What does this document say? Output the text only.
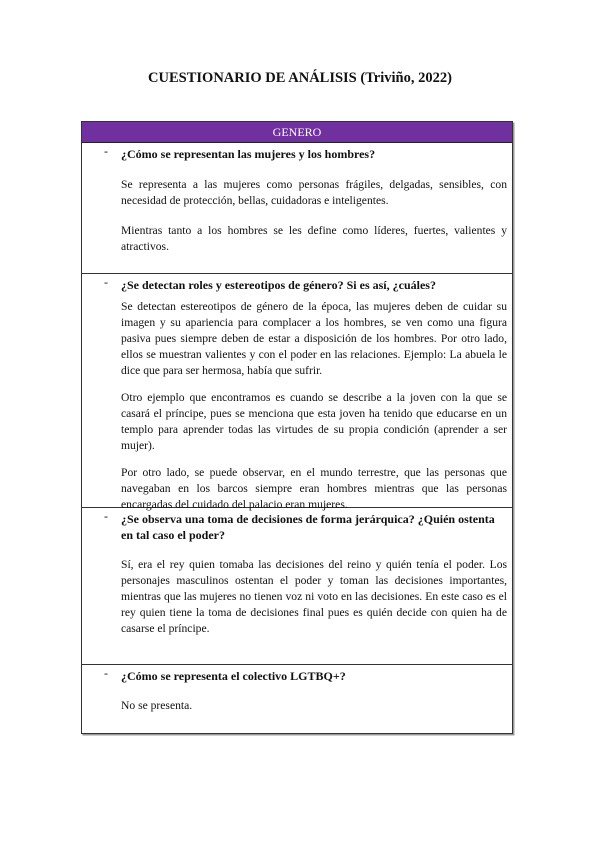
CUESTIONARIO DE ANÁLISIS (Triviño, 2022)
GENERO
- ¿Cómo se representan las mujeres y los hombres?

Se representa a las mujeres como personas frágiles, delgadas, sensibles, con necesidad de protección, bellas, cuidadoras e inteligentes.

Mientras tanto a los hombres se les define como líderes, fuertes, valientes y atractivos.

- ¿Se detectan roles y estereotipos de género? Si es así, ¿cuáles?

Se detectan estereotipos de género de la época, las mujeres deben de cuidar su imagen y su apariencia para complacer a los hombres, se ven como una figura pasiva pues siempre deben de estar a disposición de los hombres. Por otro lado, ellos se muestran valientes y con el poder en las relaciones. Ejemplo: La abuela le dice que para ser hermosa, había que sufrir.

Otro ejemplo que encontramos es cuando se describe a la joven con la que se casará el príncipe, pues se menciona que esta joven ha tenido que educarse en un templo para aprender todas las virtudes de su propia condición (aprender a ser mujer).

Por otro lado, se puede observar, en el mundo terrestre, que las personas que navegaban en los barcos siempre eran hombres mientras que las personas encargadas del cuidado del palacio eran mujeres.

- ¿Se observa una toma de decisiones de forma jerárquica? ¿Quién ostenta en tal caso el poder?

Sí, era el rey quien tomaba las decisiones del reino y quién tenía el poder. Los personajes masculinos ostentan el poder y toman las decisiones importantes, mientras que las mujeres no tienen voz ni voto en las decisiones. En este caso es el rey quien tiene la toma de decisiones final pues es quién decide con quien ha de casarse el príncipe.

- ¿Cómo se representa el colectivo LGTBQ+?

No se presenta.
